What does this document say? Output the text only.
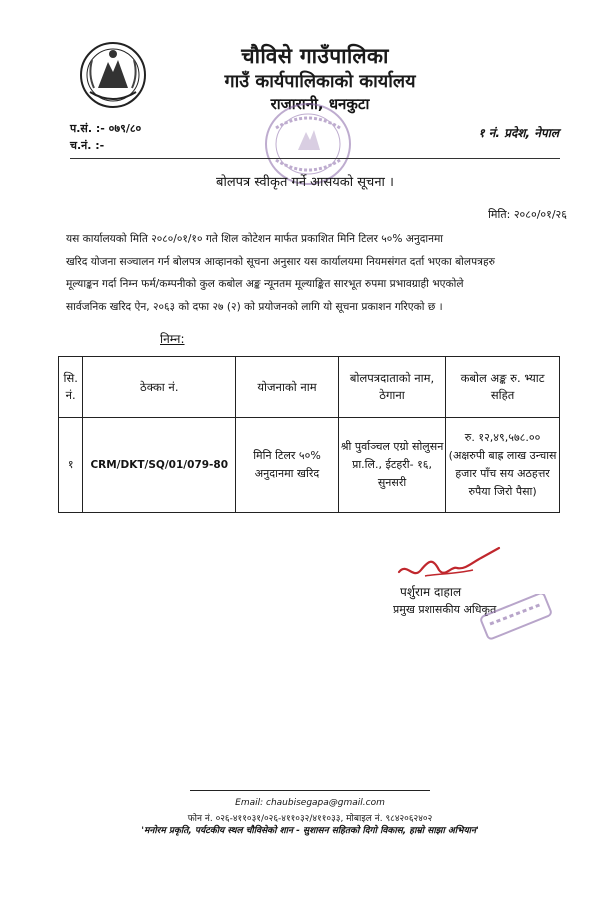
चौविसे गाउँपालिका
गाउँ कार्यपालिकाको कार्यालय
राजारानी, धनकुटा
प.सं. :- ०७९/८०
च.नं. :-
१ नं. प्रदेश, नेपाल
बोलपत्र स्वीकृत गर्ने आसयको सूचना ।
मिति: २०८०/०१/२६
यस कार्यालयको मिति २०८०/०१/१० गते शिल कोटेशन मार्फत प्रकाशित मिनि टिलर ५०% अनुदानमा
खरिद योजना सञ्चालन गर्न बोलपत्र आव्हानको सूचना अनुसार यस कार्यालयमा नियमसंगत दर्ता भएका बोलपत्रहरु
मूल्याङ्कन गर्दा निम्न फर्म/कम्पनीको कुल कबोल अङ्क न्यूनतम मूल्याङ्कित सारभूत रुपमा प्रभावग्राही भएकोले
सार्वजनिक खरिद ऐन, २०६३ को दफा २७ (२) को प्रयोजनको लागि यो सूचना प्रकाशन गरिएको छ ।
निम्न:
सि. नं.	ठेक्का नं.	योजनाको नाम	बोलपत्रदाताको नाम, ठेगाना	कबोल अङ्क रु. भ्याट सहित
१	CRM/DKT/SQ/01/079-80	मिनि टिलर ५०% अनुदानमा खरिद	श्री पुर्वाञ्चल एग्रो सोलुसन प्रा.लि., ईटहरी- १६, सुनसरी	रु. १२,४९,५७८.००
(अक्षरुपी बाह्र लाख उन्चास हजार पाँच सय अठहत्तर रुपैया जिरो पैसा)
पर्शुराम दाहाल
प्रमुख प्रशासकीय अधिकृत
Email: chaubisegapa@gmail.com
फोन नं. ०२६-४११०३१/०२६-४११०३२/४११०३३, मोबाइल नं. ९८४२०६२४०२
'मनोरम प्रकृति, पर्यटकीय स्थल चौविसेको शान - सुशासन सहितको दिगो विकास, हाम्रो साझा अभियान'
